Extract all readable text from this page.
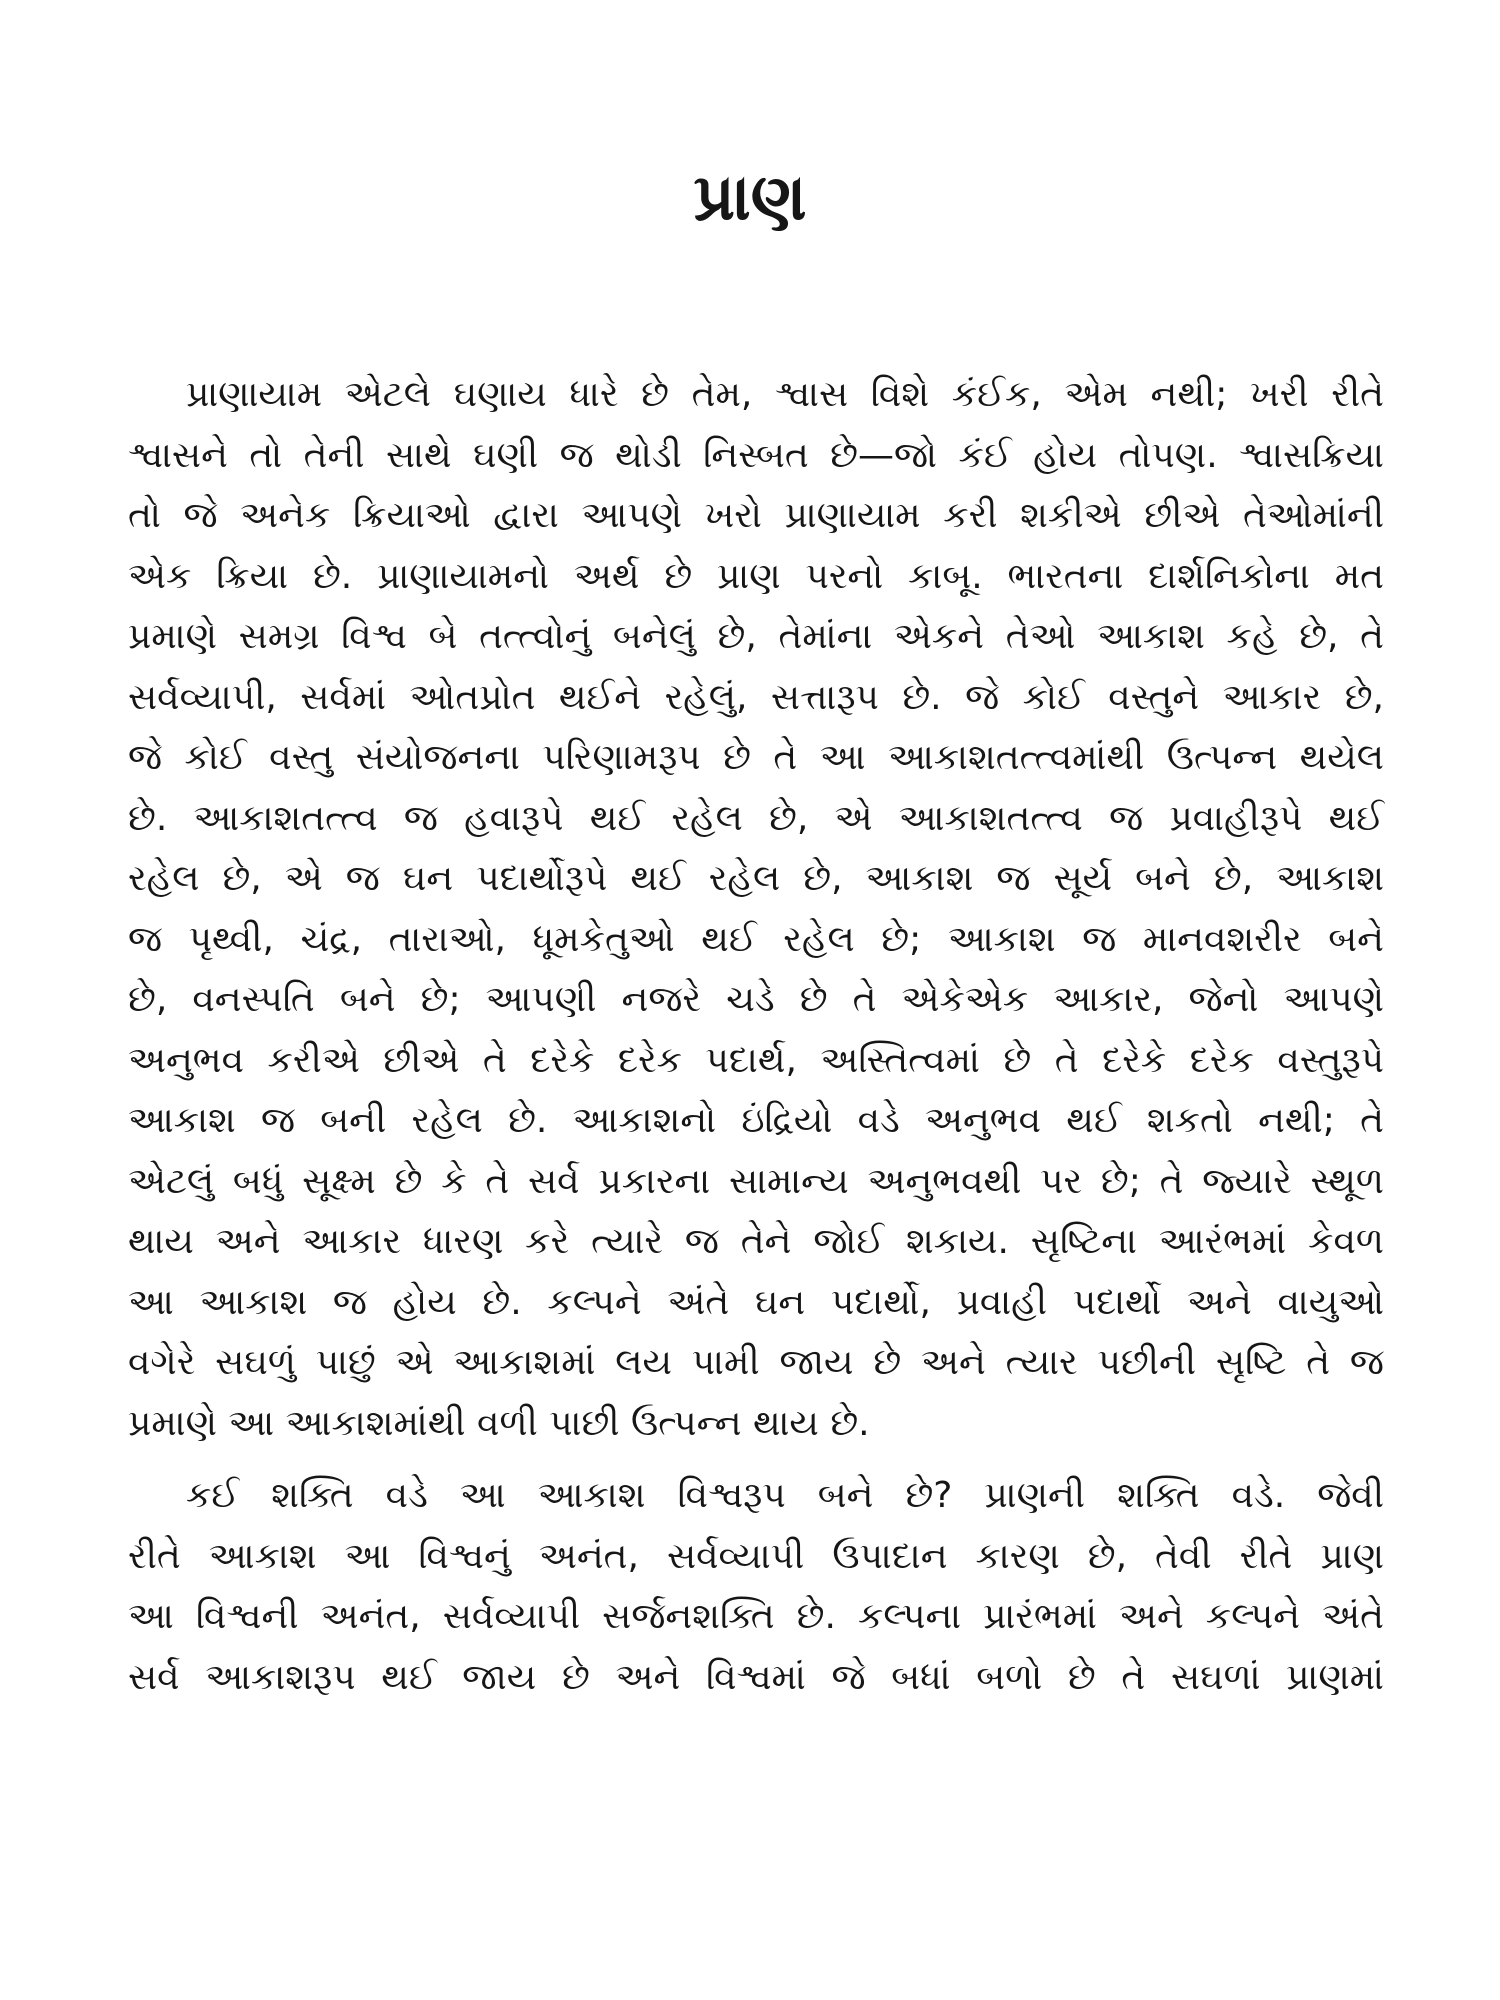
પ્રાણ

પ્રાણાયામ એટલે ઘણાય ધારે છે તેમ, શ્વાસ વિશે કંઈક, એમ નથી; ખરી રીતે
શ્વાસને તો તેની સાથે ઘણી જ થોડી નિસ્બત છે—જો કંઈ હોય તોપણ. શ્વાસક્રિયા
તો જે અનેક ક્રિયાઓ દ્વારા આપણે ખરો પ્રાણાયામ કરી શકીએ છીએ તેઓમાંની
એક ક્રિયા છે. પ્રાણાયામનો અર્થ છે પ્રાણ પરનો કાબૂ. ભારતના દાર્શનિકોના મત
પ્રમાણે સમગ્ર વિશ્વ બે તત્ત્વોનું બનેલું છે, તેમાંના એકને તેઓ આકાશ કહે છે, તે
સર્વવ્યાપી, સર્વમાં ઓતપ્રોત થઈને રહેલું, સત્તારૂપ છે. જે કોઈ વસ્તુને આકાર છે,
જે કોઈ વસ્તુ સંયોજનના પરિણામરૂપ છે તે આ આકાશતત્ત્વમાંથી ઉત્પન્ન થયેલ
છે. આકાશતત્ત્વ જ હવારૂપે થઈ રહેલ છે, એ આકાશતત્ત્વ જ પ્રવાહીરૂપે થઈ
રહેલ છે, એ જ ઘન પદાર્થોરૂપે થઈ રહેલ છે, આકાશ જ સૂર્ય બને છે, આકાશ
જ પૃથ્વી, ચંદ્ર, તારાઓ, ધૂમકેતુઓ થઈ રહેલ છે; આકાશ જ માનવશરીર બને
છે, વનસ્પતિ બને છે; આપણી નજરે ચડે છે તે એકેએક આકાર, જેનો આપણે
અનુભવ કરીએ છીએ તે દરેકે દરેક પદાર્થ, અસ્તિત્વમાં છે તે દરેકે દરેક વસ્તુરૂપે
આકાશ જ બની રહેલ છે. આકાશનો ઇંદ્રિયો વડે અનુભવ થઈ શકતો નથી; તે
એટલું બધું સૂક્ષ્મ છે કે તે સર્વ પ્રકારના સામાન્ય અનુભવથી પર છે; તે જ્યારે સ્થૂળ
થાય અને આકાર ધારણ કરે ત્યારે જ તેને જોઈ શકાય. સૃષ્ટિના આરંભમાં કેવળ
આ આકાશ જ હોય છે. કલ્પને અંતે ઘન પદાર્થો, પ્રવાહી પદાર્થો અને વાયુઓ
વગેરે સઘળું પાછું એ આકાશમાં લય પામી જાય છે અને ત્યાર પછીની સૃષ્ટિ તે જ
પ્રમાણે આ આકાશમાંથી વળી પાછી ઉત્પન્ન થાય છે.

કઈ શક્તિ વડે આ આકાશ વિશ્વરૂપ બને છે? પ્રાણની શક્તિ વડે. જેવી
રીતે આકાશ આ વિશ્વનું અનંત, સર્વવ્યાપી ઉપાદાન કારણ છે, તેવી રીતે પ્રાણ
આ વિશ્વની અનંત, સર્વવ્યાપી સર્જનશક્તિ છે. કલ્પના પ્રારંભમાં અને કલ્પને અંતે
સર્વ આકાશરૂપ થઈ જાય છે અને વિશ્વમાં જે બધાં બળો છે તે સઘળાં પ્રાણમાં
